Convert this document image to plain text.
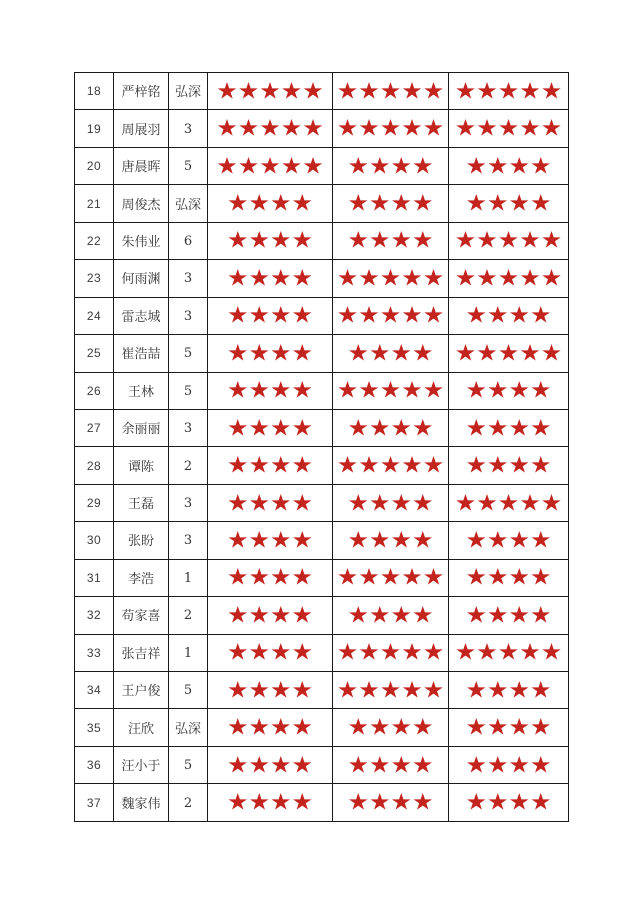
18	严梓铭	弘深	★★★★★	★★★★★	★★★★★
19	周展羽	3	★★★★★	★★★★★	★★★★★
20	唐晨晖	5	★★★★★	★★★★	★★★★
21	周俊杰	弘深	★★★★	★★★★	★★★★
22	朱伟业	6	★★★★	★★★★	★★★★★
23	何雨渊	3	★★★★	★★★★★	★★★★★
24	雷志城	3	★★★★	★★★★★	★★★★
25	崔浩喆	5	★★★★	★★★★	★★★★★
26	王林	5	★★★★	★★★★★	★★★★
27	余丽丽	3	★★★★	★★★★	★★★★
28	谭陈	2	★★★★	★★★★★	★★★★
29	王磊	3	★★★★	★★★★	★★★★★
30	张盼	3	★★★★	★★★★	★★★★
31	李浩	1	★★★★	★★★★★	★★★★
32	苟家喜	2	★★★★	★★★★	★★★★
33	张吉祥	1	★★★★	★★★★★	★★★★★
34	王户俊	5	★★★★	★★★★★	★★★★
35	汪欣	弘深	★★★★	★★★★	★★★★
36	汪小于	5	★★★★	★★★★	★★★★
37	魏家伟	2	★★★★	★★★★	★★★★
